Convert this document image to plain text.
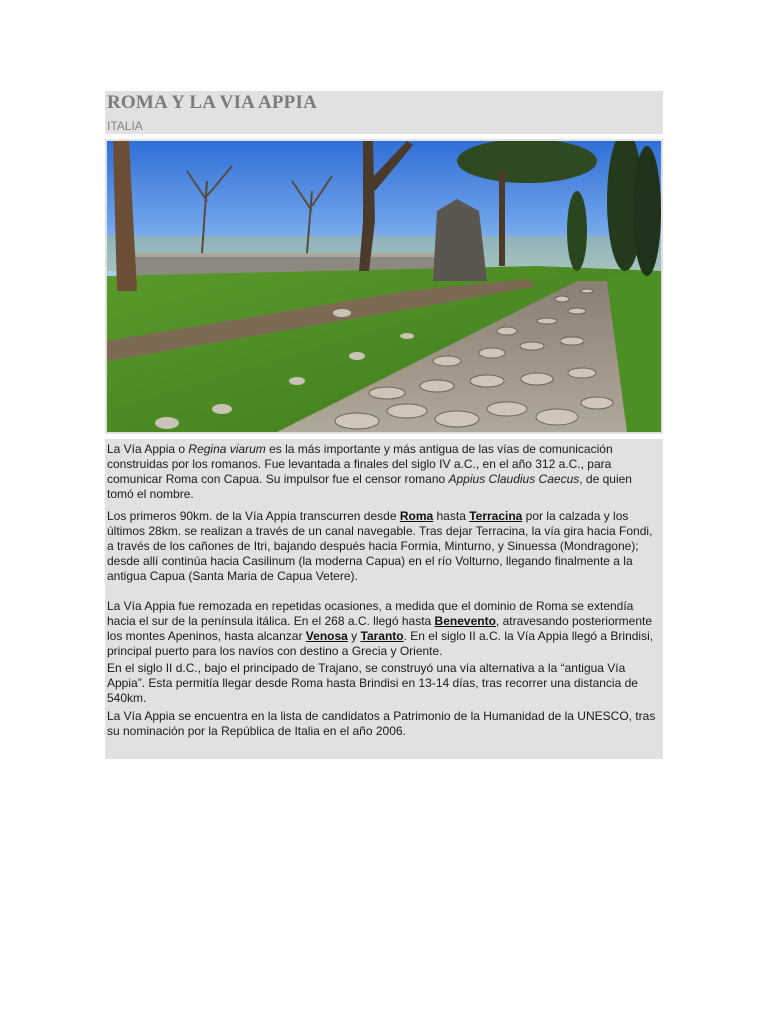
ROMA Y LA VIA APPIA
ITALIA

La Vía Appia o Regina viarum es la más importante y más antigua de las vías de comunicación construidas por los romanos. Fue levantada a finales del siglo IV a.C., en el año 312 a.C., para comunicar Roma con Capua. Su impulsor fue el censor romano Appius Claudius Caecus, de quien tomó el nombre.

Los primeros 90km. de la Vía Appia transcurren desde Roma hasta Terracina por la calzada y los últimos 28km. se realizan a través de un canal navegable. Tras dejar Terracina, la vía gira hacia Fondi, a través de los cañones de Itri, bajando después hacia Formia, Minturno, y Sinuessa (Mondragone); desde allí continúa hacia Casilinum (la moderna Capua) en el río Volturno, llegando finalmente a la antigua Capua (Santa Maria de Capua Vetere).

La Vía Appia fue remozada en repetidas ocasiones, a medida que el dominio de Roma se extendía hacia el sur de la península itálica. En el 268 a.C. llegó hasta Benevento, atravesando posteriormente los montes Apeninos, hasta alcanzar Venosa y Taranto. En el siglo II a.C. la Vía Appia llegó a Brindisi, principal puerto para los navíos con destino a Grecia y Oriente.

En el siglo II d.C., bajo el principado de Trajano, se construyó una vía alternativa a la “antigua Vía Appia”. Esta permitía llegar desde Roma hasta Brindisi en 13-14 días, tras recorrer una distancia de 540km.

La Vía Appia se encuentra en la lista de candidatos a Patrimonio de la Humanidad de la UNESCO, tras su nominación por la República de Italia en el año 2006.
